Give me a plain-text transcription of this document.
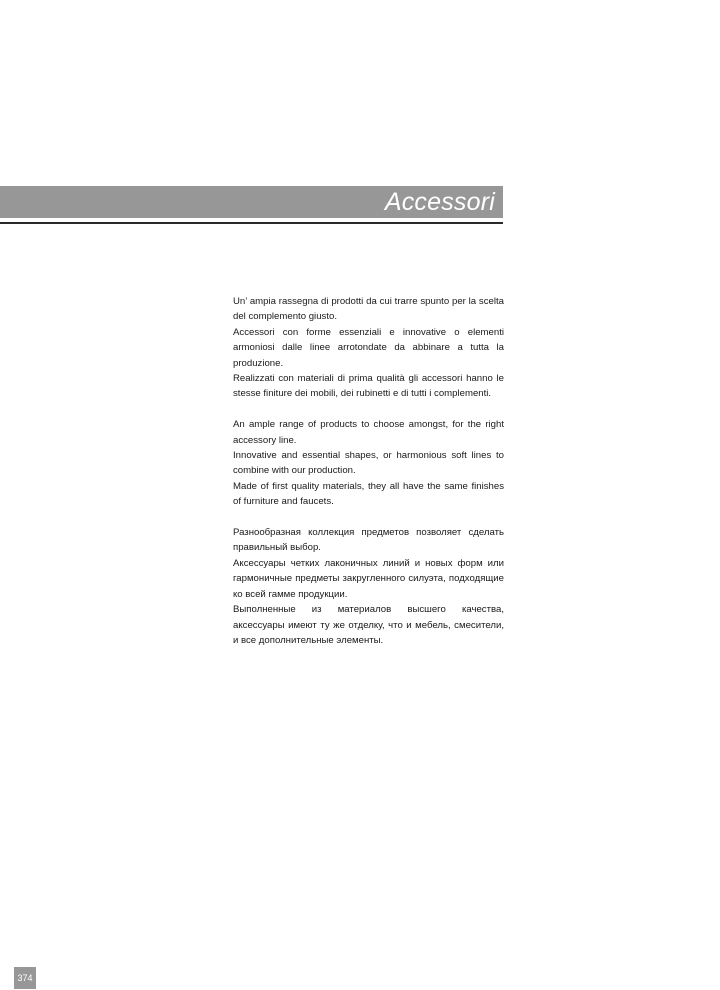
Accessori
Un’ ampia rassegna di prodotti da cui trarre spunto per la scelta del complemento giusto.
Accessori con forme essenziali e innovative o elementi armoniosi dalle linee arrotondate da abbinare a tutta la produzione.
Realizzati con materiali di prima qualità gli accessori hanno le stesse finiture dei mobili, dei rubinetti e di tutti i complementi.
An ample range of products to choose amongst, for the right accessory line.
Innovative and essential shapes, or harmonious soft lines to combine with our production.
Made of first quality materials, they all have the same finishes of furniture and faucets.
Разнообразная коллекция предметов позволяет сделать правильный выбор.
Аксессуары четких лаконичных линий и новых форм или гармоничные предметы закругленного силуэта, подходящие ко всей гамме продукции.
Выполненные из материалов высшего качества, аксессуары имеют ту же отделку, что и мебель, смесители, и все дополнительные элементы.
374
